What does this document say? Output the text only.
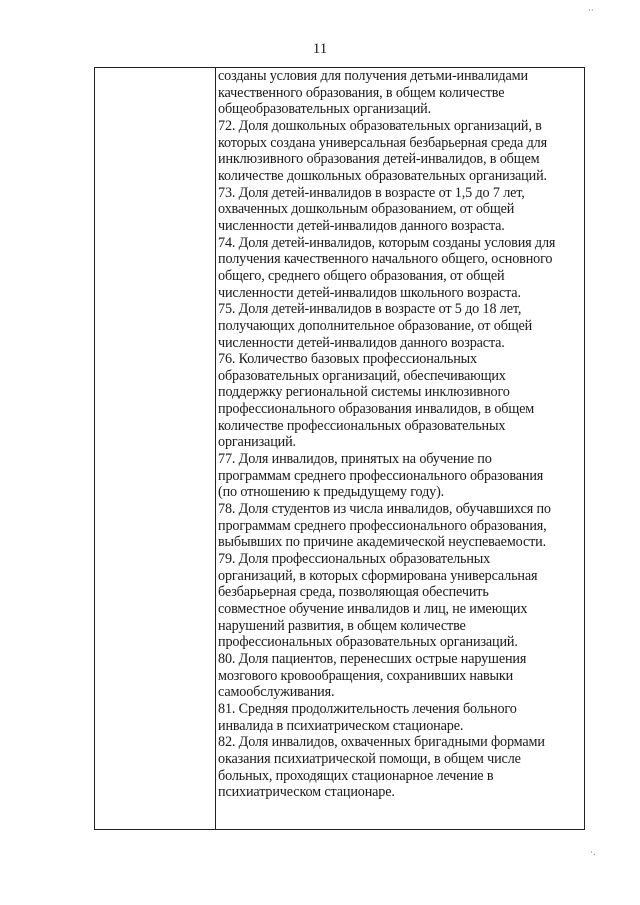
11
созданы условия для получения детьми-инвалидами
качественного образования, в общем количестве
общеобразовательных организаций.
72. Доля дошкольных образовательных организаций, в
которых создана универсальная безбарьерная среда для
инклюзивного образования детей-инвалидов, в общем
количестве дошкольных образовательных организаций.
73. Доля детей-инвалидов в возрасте от 1,5 до 7 лет,
охваченных дошкольным образованием, от общей
численности детей-инвалидов данного возраста.
74. Доля детей-инвалидов, которым созданы условия для
получения качественного начального общего, основного
общего, среднего общего образования, от общей
численности детей-инвалидов школьного возраста.
75. Доля детей-инвалидов в возрасте от 5 до 18 лет,
получающих дополнительное образование, от общей
численности детей-инвалидов данного возраста.
76. Количество базовых профессиональных
образовательных организаций, обеспечивающих
поддержку региональной системы инклюзивного
профессионального образования инвалидов, в общем
количестве профессиональных образовательных
организаций.
77. Доля инвалидов, принятых на обучение по
программам среднего профессионального образования
(по отношению к предыдущему году).
78. Доля студентов из числа инвалидов, обучавшихся по
программам среднего профессионального образования,
выбывших по причине академической неуспеваемости.
79. Доля профессиональных образовательных
организаций, в которых сформирована универсальная
безбарьерная среда, позволяющая обеспечить
совместное обучение инвалидов и лиц, не имеющих
нарушений развития, в общем количестве
профессиональных образовательных организаций.
80. Доля пациентов, перенесших острые нарушения
мозгового кровообращения, сохранивших навыки
самообслуживания.
81. Средняя продолжительность лечения больного
инвалида в психиатрическом стационаре.
82. Доля инвалидов, охваченных бригадными формами
оказания психиатрической помощи, в общем числе
больных, проходящих стационарное лечение в
психиатрическом стационаре.
··
·.
